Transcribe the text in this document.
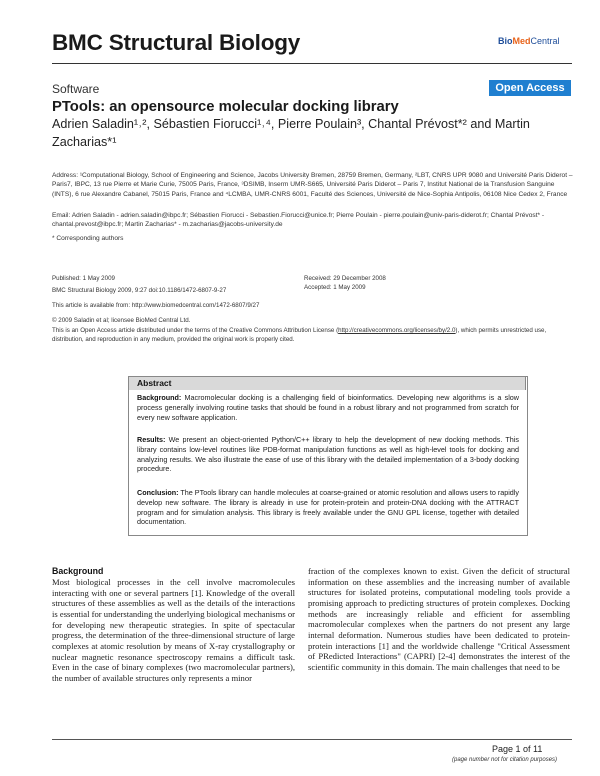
BMC Structural Biology	BioMedCentral
Software	Open Access
PTools: an opensource molecular docking library
Adrien Saladin¹˒², Sébastien Fiorucci¹˒⁴, Pierre Poulain³, Chantal Prévost*² and Martin Zacharias*¹
Address: ¹Computational Biology, School of Engineering and Science, Jacobs University Bremen, 28759 Bremen, Germany, ²LBT, CNRS UPR 9080 and Université Paris Diderot – Paris7, IBPC, 13 rue Pierre et Marie Curie, 75005 Paris, France, ³DSIMB, Inserm UMR-S665, Université Paris Diderot – Paris 7, Institut National de la Transfusion Sanguine (INTS), 6 rue Alexandre Cabanel, 75015 Paris, France and ⁴LCMBA, UMR-CNRS 6001, Faculté des Sciences, Université de Nice-Sophia Antipolis, 06108 Nice Cedex 2, France
Email: Adrien Saladin - adrien.saladin@ibpc.fr; Sébastien Fiorucci - Sebastien.Fiorucci@unice.fr; Pierre Poulain - pierre.poulain@univ-paris-diderot.fr; Chantal Prévost* - chantal.prevost@ibpc.fr; Martin Zacharias* - m.zacharias@jacobs-university.de
* Corresponding authors
Published: 1 May 2009
BMC Structural Biology 2009, 9:27 doi:10.1186/1472-6807-9-27
Received: 29 December 2008
Accepted: 1 May 2009
This article is available from: http://www.biomedcentral.com/1472-6807/9/27
© 2009 Saladin et al; licensee BioMed Central Ltd.
This is an Open Access article distributed under the terms of the Creative Commons Attribution License (http://creativecommons.org/licenses/by/2.0), which permits unrestricted use, distribution, and reproduction in any medium, provided the original work is properly cited.
Abstract
Background: Macromolecular docking is a challenging field of bioinformatics. Developing new algorithms is a slow process generally involving routine tasks that should be found in a robust library and not programmed from scratch for every new software application.
Results: We present an object-oriented Python/C++ library to help the development of new docking methods. This library contains low-level routines like PDB-format manipulation functions as well as high-level tools for docking and analyzing results. We also illustrate the ease of use of this library with the detailed implementation of a 3-body docking procedure.
Conclusion: The PTools library can handle molecules at coarse-grained or atomic resolution and allows users to rapidly develop new software. The library is already in use for protein-protein and protein-DNA docking with the ATTRACT program and for simulation analysis. This library is freely available under the GNU GPL license, together with detailed documentation.
Background
Most biological processes in the cell involve macromolecules interacting with one or several partners [1]. Knowledge of the overall structures of these assemblies as well as the details of the interactions is essential for understanding the underlying biological mechanisms or for developing new therapeutic strategies. In spite of spectacular progress, the determination of the three-dimensional structure of large complexes at atomic resolution by means of X-ray crystallography or nuclear magnetic resonance spectroscopy remains a difficult task. Even in the case of binary complexes (two macromolecular partners), the number of available structures only represents a minor
fraction of the complexes known to exist. Given the deficit of structural information on these assemblies and the increasing number of available structures for isolated proteins, computational modeling tools provide a promising approach to predicting structures of protein complexes. Docking methods are increasingly reliable and efficient for assembling macromolecular complexes when the partners do not present any large internal deformation. Numerous studies have been dedicated to protein-protein interactions [1] and the worldwide challenge "Critical Assessment of PRedicted Interactions" (CAPRI) [2-4] demonstrates the interest of the scientific community in this domain. The main challenges that need to be
Page 1 of 11
(page number not for citation purposes)
